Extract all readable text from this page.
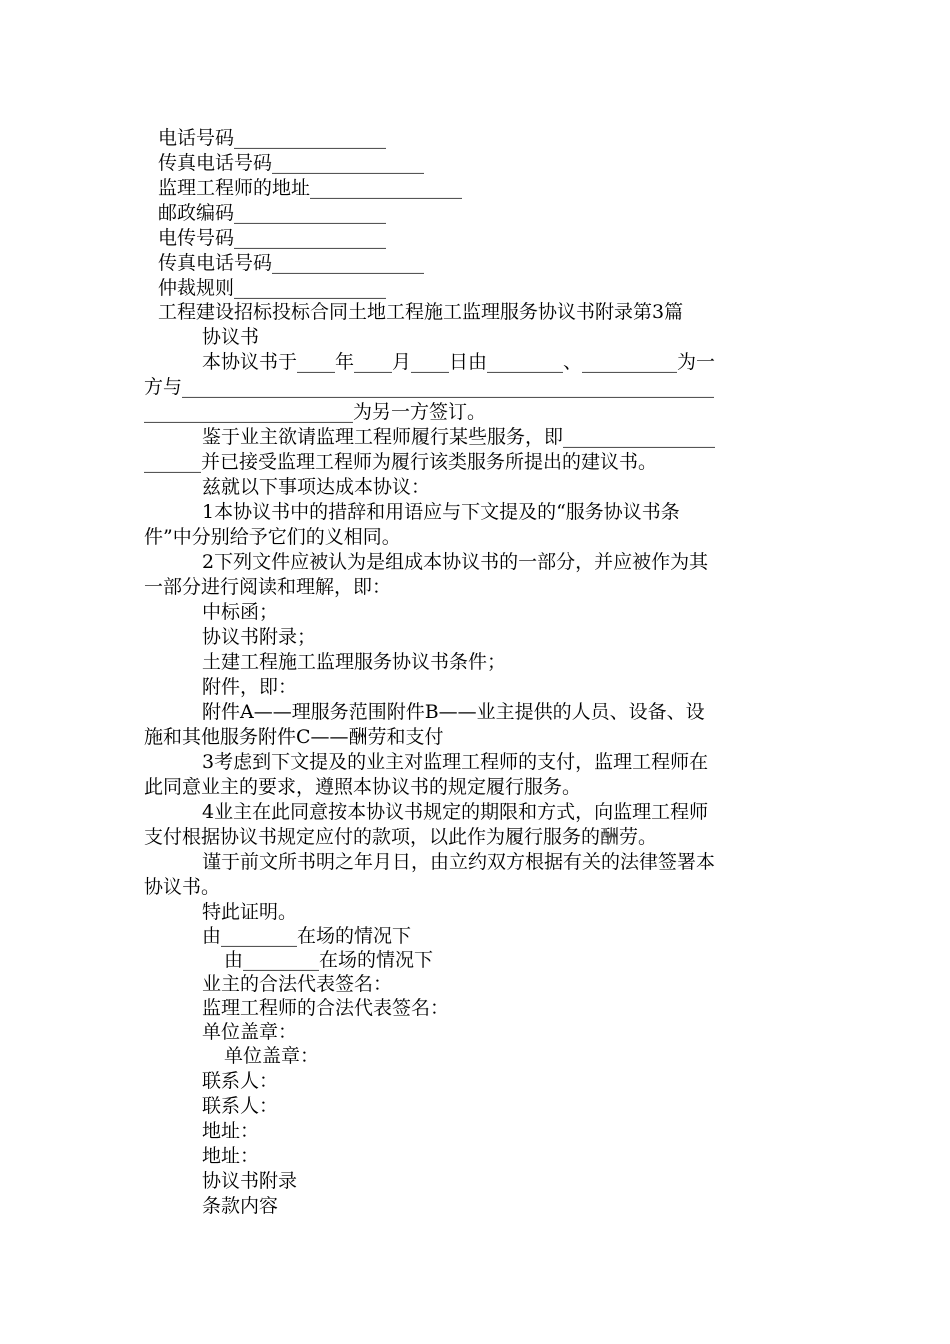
电话号码________________
传真电话号码________________
监理工程师的地址________________
邮政编码________________
电传号码________________
传真电话号码________________
仲裁规则________________
工程建设招标投标合同土地工程施工监理服务协议书附录第3篇
协议书
本协议书于____年____月____日由________、__________为一
方与________________________________________________________
______________________为另一方签订。
鉴于业主欲请监理工程师履行某些服务，即________________
______并已接受监理工程师为履行该类服务所提出的建议书。
兹就以下事项达成本协议：
1本协议书中的措辞和用语应与下文提及的“服务协议书条
件”中分别给予它们的义相同。
2下列文件应被认为是组成本协议书的一部分，并应被作为其
一部分进行阅读和理解，即：
中标函；
协议书附录；
土建工程施工监理服务协议书条件；
附件，即：
附件A——理服务范围附件B——业主提供的人员、设备、设
施和其他服务附件C——酬劳和支付
3考虑到下文提及的业主对监理工程师的支付，监理工程师在
此同意业主的要求，遵照本协议书的规定履行服务。
4业主在此同意按本协议书规定的期限和方式，向监理工程师
支付根据协议书规定应付的款项，以此作为履行服务的酬劳。
谨于前文所书明之年月日，由立约双方根据有关的法律签署本
协议书。
特此证明。
由________在场的情况下
由________在场的情况下
业主的合法代表签名：
监理工程师的合法代表签名：
单位盖章：
单位盖章：
联系人：
联系人：
地址：
地址：
协议书附录
条款内容
